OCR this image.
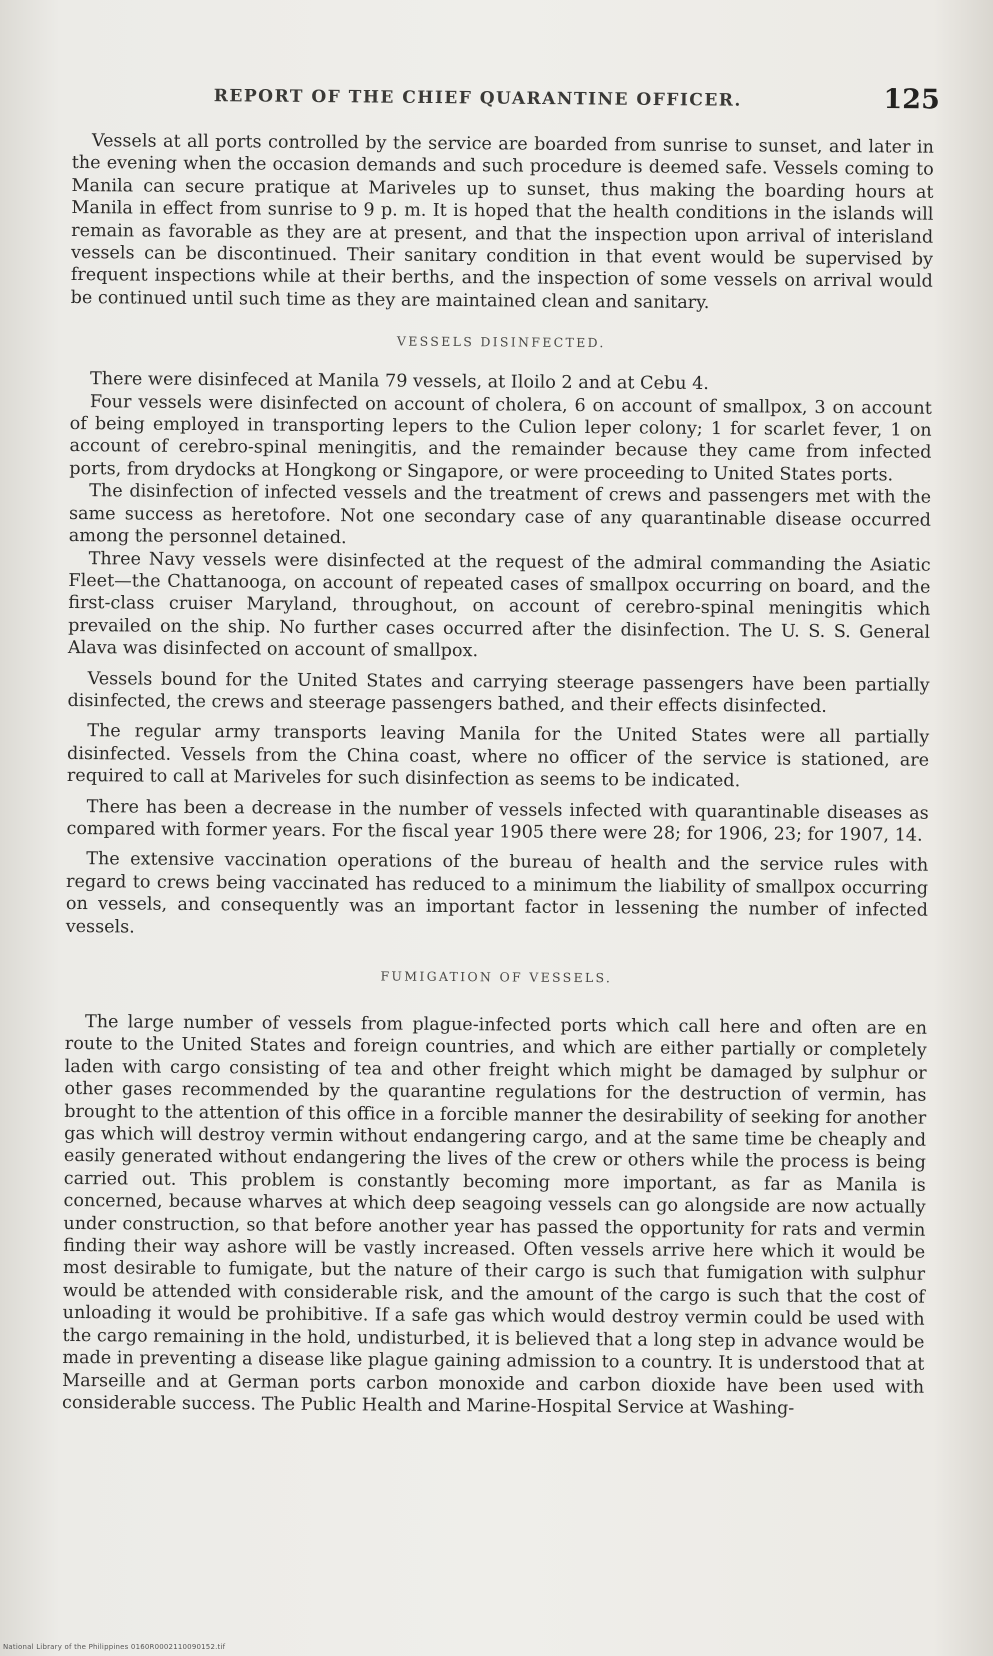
REPORT OF THE CHIEF QUARANTINE OFFICER.	125

Vessels at all ports controlled by the service are boarded from sunrise to sunset, and later in the evening when the occasion demands and such procedure is deemed safe. Vessels coming to Manila can secure pratique at Mariveles up to sunset, thus making the boarding hours at Manila in effect from sunrise to 9 p. m. It is hoped that the health conditions in the islands will remain as favorable as they are at present, and that the inspection upon arrival of interisland vessels can be discontinued. Their sanitary condition in that event would be supervised by frequent inspections while at their berths, and the inspection of some vessels on arrival would be continued until such time as they are maintained clean and sanitary.

VESSELS DISINFECTED.

There were disinfeced at Manila 79 vessels, at Iloilo 2 and at Cebu 4.

Four vessels were disinfected on account of cholera, 6 on account of smallpox, 3 on account of being employed in transporting lepers to the Culion leper colony; 1 for scarlet fever, 1 on account of cerebro-spinal meningitis, and the remainder because they came from infected ports, from drydocks at Hongkong or Singapore, or were proceeding to United States ports.

The disinfection of infected vessels and the treatment of crews and passengers met with the same success as heretofore. Not one secondary case of any quarantinable disease occurred among the personnel detained.

Three Navy vessels were disinfected at the request of the admiral commanding the Asiatic Fleet—the Chattanooga, on account of repeated cases of smallpox occurring on board, and the first-class cruiser Maryland, throughout, on account of cerebro-spinal meningitis which prevailed on the ship. No further cases occurred after the disinfection. The U. S. S. General Alava was disinfected on account of smallpox.

Vessels bound for the United States and carrying steerage passengers have been partially disinfected, the crews and steerage passengers bathed, and their effects disinfected.

The regular army transports leaving Manila for the United States were all partially disinfected. Vessels from the China coast, where no officer of the service is stationed, are required to call at Mariveles for such disinfection as seems to be indicated.

There has been a decrease in the number of vessels infected with quarantinable diseases as compared with former years. For the fiscal year 1905 there were 28; for 1906, 23; for 1907, 14.

The extensive vaccination operations of the bureau of health and the service rules with regard to crews being vaccinated has reduced to a minimum the liability of smallpox occurring on vessels, and consequently was an important factor in lessening the number of infected vessels.

FUMIGATION OF VESSELS.

The large number of vessels from plague-infected ports which call here and often are en route to the United States and foreign countries, and which are either partially or completely laden with cargo consisting of tea and other freight which might be damaged by sulphur or other gases recommended by the quarantine regulations for the destruction of vermin, has brought to the attention of this office in a forcible manner the desirability of seeking for another gas which will destroy vermin without endangering cargo, and at the same time be cheaply and easily generated without endangering the lives of the crew or others while the process is being carried out. This problem is constantly becoming more important, as far as Manila is concerned, because wharves at which deep seagoing vessels can go alongside are now actually under construction, so that before another year has passed the opportunity for rats and vermin finding their way ashore will be vastly increased. Often vessels arrive here which it would be most desirable to fumigate, but the nature of their cargo is such that fumigation with sulphur would be attended with considerable risk, and the amount of the cargo is such that the cost of unloading it would be prohibitive. If a safe gas which would destroy vermin could be used with the cargo remaining in the hold, undisturbed, it is believed that a long step in advance would be made in preventing a disease like plague gaining admission to a country. It is understood that at Marseille and at German ports carbon monoxide and carbon dioxide have been used with considerable success. The Public Health and Marine-Hospital Service at Washing-

National Library of the Philippines 0160R0002110090152.tif
